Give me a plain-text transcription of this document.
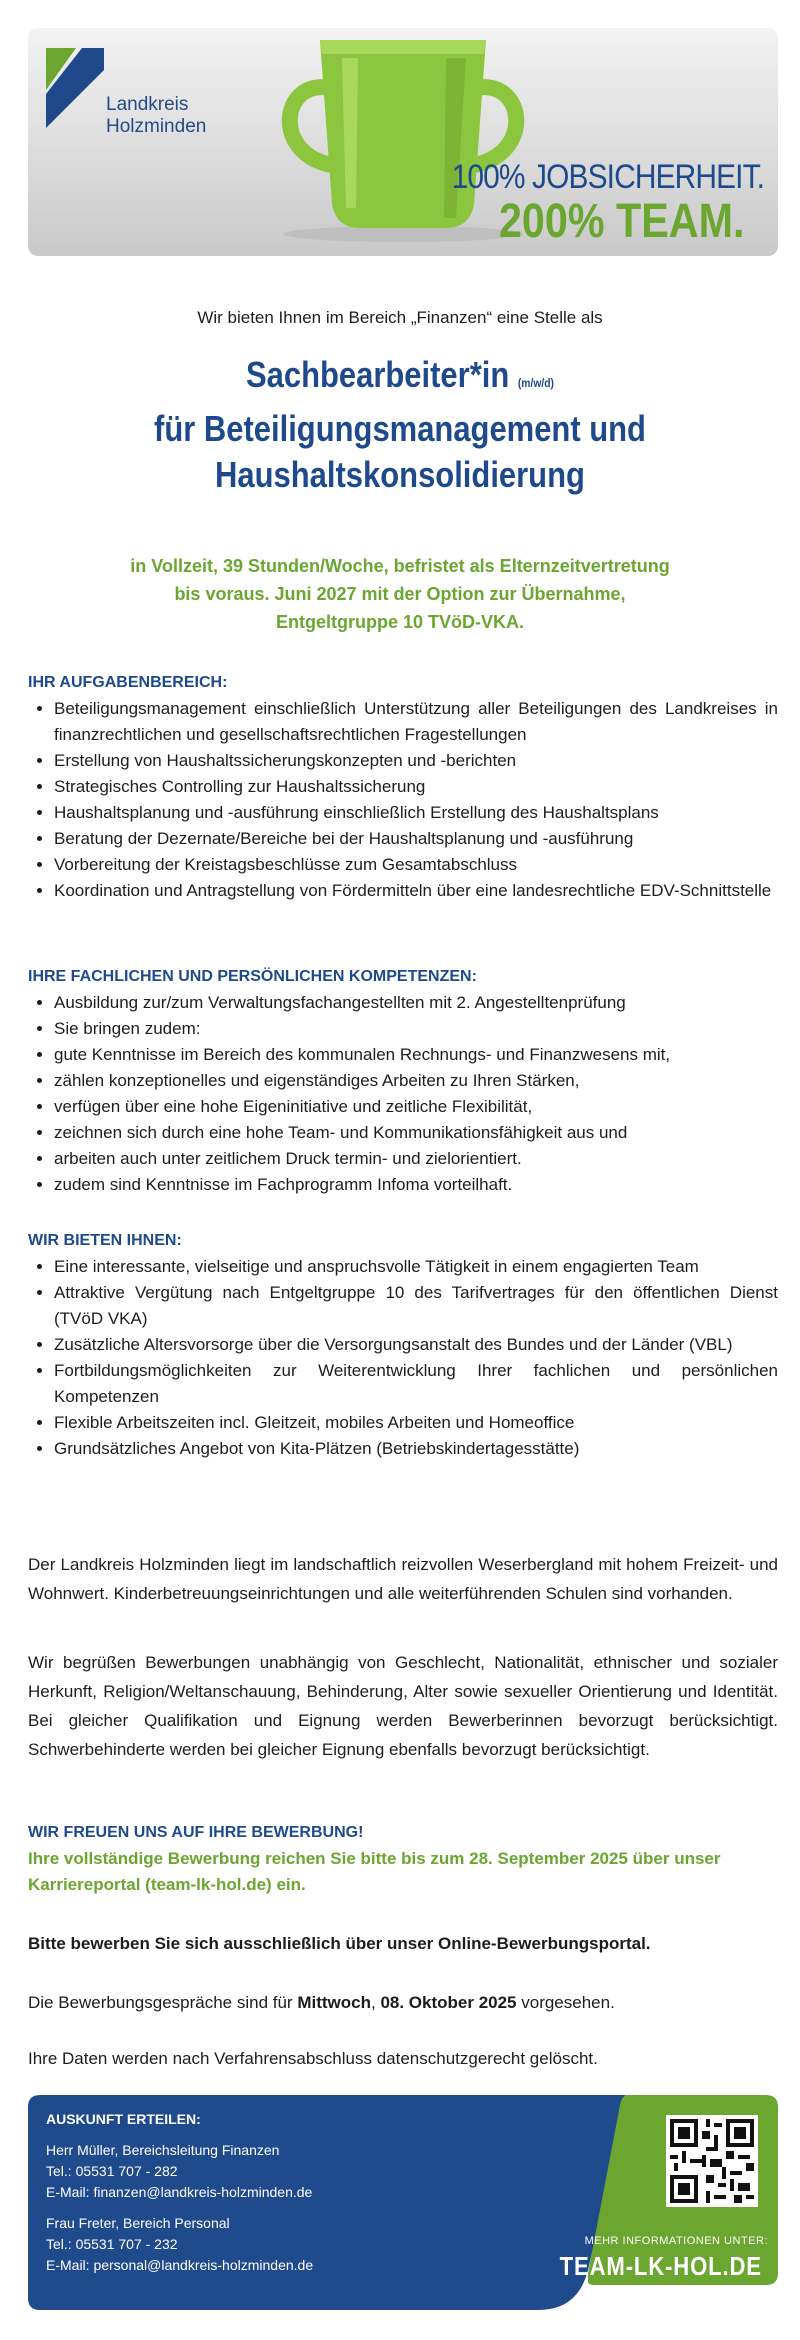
Landkreis
Holzminden
100% JOBSICHERHEIT.
200% TEAM.
Wir bieten Ihnen im Bereich „Finanzen“ eine Stelle als
Sachbearbeiter*in (m/w/d)
für Beteiligungsmanagement und
Haushaltskonsolidierung
in Vollzeit, 39 Stunden/Woche, befristet als Elternzeitvertretung
bis voraus. Juni 2027 mit der Option zur Übernahme,
Entgeltgruppe 10 TVöD-VKA.
IHR AUFGABENBEREICH:
• Beteiligungsmanagement einschließlich Unterstützung aller Beteiligungen des Landkreises in finanzrechtlichen und gesellschaftsrechtlichen Fragestellungen
• Erstellung von Haushaltssicherungskonzepten und -berichten
• Strategisches Controlling zur Haushaltssicherung
• Haushaltsplanung und -ausführung einschließlich Erstellung des Haushaltsplans
• Beratung der Dezernate/Bereiche bei der Haushaltsplanung und -ausführung
• Vorbereitung der Kreistagsbeschlüsse zum Gesamtabschluss
• Koordination und Antragstellung von Fördermitteln über eine landesrechtliche EDV-Schnittstelle
IHRE FACHLICHEN UND PERSÖNLICHEN KOMPETENZEN:
• Ausbildung zur/zum Verwaltungsfachangestellten mit 2. Angestelltenprüfung
• Sie bringen zudem:
• gute Kenntnisse im Bereich des kommunalen Rechnungs- und Finanzwesens mit,
• zählen konzeptionelles und eigenständiges Arbeiten zu Ihren Stärken,
• verfügen über eine hohe Eigeninitiative und zeitliche Flexibilität,
• zeichnen sich durch eine hohe Team- und Kommunikationsfähigkeit aus und
• arbeiten auch unter zeitlichem Druck termin- und zielorientiert.
• zudem sind Kenntnisse im Fachprogramm Infoma vorteilhaft.
WIR BIETEN IHNEN:
• Eine interessante, vielseitige und anspruchsvolle Tätigkeit in einem engagierten Team
• Attraktive Vergütung nach Entgeltgruppe 10 des Tarifvertrages für den öffentlichen Dienst (TVöD VKA)
• Zusätzliche Altersvorsorge über die Versorgungsanstalt des Bundes und der Länder (VBL)
• Fortbildungsmöglichkeiten zur Weiterentwicklung Ihrer fachlichen und persönlichen Kompetenzen
• Flexible Arbeitszeiten incl. Gleitzeit, mobiles Arbeiten und Homeoffice
• Grundsätzliches Angebot von Kita-Plätzen (Betriebskindertagesstätte)

Der Landkreis Holzminden liegt im landschaftlich reizvollen Weserbergland mit hohem Freizeit- und Wohnwert. Kinderbetreuungseinrichtungen und alle weiterführenden Schulen sind vorhanden.

Wir begrüßen Bewerbungen unabhängig von Geschlecht, Nationalität, ethnischer und sozialer Herkunft, Religion/Weltanschauung, Behinderung, Alter sowie sexueller Orientierung und Identität. Bei gleicher Qualifikation und Eignung werden Bewerberinnen bevorzugt berücksichtigt. Schwerbehinderte werden bei gleicher Eignung ebenfalls bevorzugt berücksichtigt.

WIR FREUEN UNS AUF IHRE BEWERBUNG!
Ihre vollständige Bewerbung reichen Sie bitte bis zum 28. September 2025 über unser Karriereportal (team-lk-hol.de) ein.
Bitte bewerben Sie sich ausschließlich über unser Online-Bewerbungsportal.
Die Bewerbungsgespräche sind für Mittwoch, 08. Oktober 2025 vorgesehen.
Ihre Daten werden nach Verfahrensabschluss datenschutzgerecht gelöscht.
AUSKUNFT ERTEILEN:
Herr Müller, Bereichsleitung Finanzen
Tel.: 05531 707 - 282
E-Mail: finanzen@landkreis-holzminden.de
Frau Freter, Bereich Personal
Tel.: 05531 707 - 232
E-Mail: personal@landkreis-holzminden.de
MEHR INFORMATIONEN UNTER:
TEAM-LK-HOL.DE
